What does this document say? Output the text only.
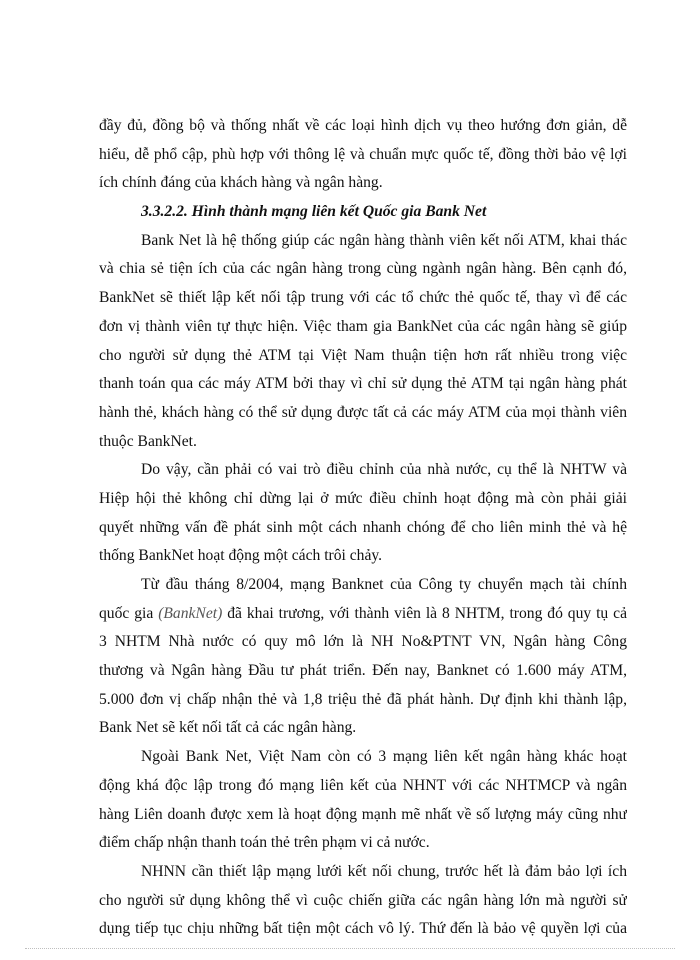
đầy đủ, đồng bộ và thống nhất về các loại hình dịch vụ theo hướng đơn giản, dễ
hiểu, dễ phổ cập, phù hợp với thông lệ và chuẩn mực quốc tế, đồng thời bảo vệ lợi
ích chính đáng của khách hàng và ngân hàng.
3.3.2.2. Hình thành mạng liên kết Quốc gia Bank Net
Bank Net là hệ thống giúp các ngân hàng thành viên kết nối ATM, khai thác
và chia sẻ tiện ích của các ngân hàng trong cùng ngành ngân hàng. Bên cạnh đó,
BankNet sẽ thiết lập kết nối tập trung với các tổ chức thẻ quốc tế, thay vì để các
đơn vị thành viên tự thực hiện. Việc tham gia BankNet của các ngân hàng sẽ giúp
cho người sử dụng thẻ ATM tại Việt Nam thuận tiện hơn rất nhiều trong việc
thanh toán qua các máy ATM bởi thay vì chỉ sử dụng thẻ ATM tại ngân hàng phát
hành thẻ, khách hàng có thể sử dụng được tất cả các máy ATM của mọi thành viên
thuộc BankNet.
Do vậy, cần phải có vai trò điều chỉnh của nhà nước, cụ thể là NHTW và
Hiệp hội thẻ không chỉ dừng lại ở mức điều chỉnh hoạt động mà còn phải giải
quyết những vấn đề phát sinh một cách nhanh chóng để cho liên minh thẻ và hệ
thống BankNet hoạt động một cách trôi chảy.
Từ đầu tháng 8/2004, mạng Banknet của Công ty chuyển mạch tài chính
quốc gia (BankNet) đã khai trương, với thành viên là 8 NHTM, trong đó quy tụ cả
3 NHTM Nhà nước có quy mô lớn là NH No&PTNT VN, Ngân hàng Công
thương và Ngân hàng Đầu tư phát triển. Đến nay, Banknet có 1.600 máy ATM,
5.000 đơn vị chấp nhận thẻ và 1,8 triệu thẻ đã phát hành. Dự định khi thành lập,
Bank Net sẽ kết nối tất cả các ngân hàng.
Ngoài Bank Net, Việt Nam còn có 3 mạng liên kết ngân hàng khác hoạt
động khá độc lập trong đó mạng liên kết của NHNT với các NHTMCP và ngân
hàng Liên doanh được xem là hoạt động mạnh mẽ nhất về số lượng máy cũng như
điểm chấp nhận thanh toán thẻ trên phạm vi cả nước.
NHNN cần thiết lập mạng lưới kết nối chung, trước hết là đảm bảo lợi ích
cho người sử dụng không thể vì cuộc chiến giữa các ngân hàng lớn mà người sử
dụng tiếp tục chịu những bất tiện một cách vô lý. Thứ đến là bảo vệ quyền lợi của
